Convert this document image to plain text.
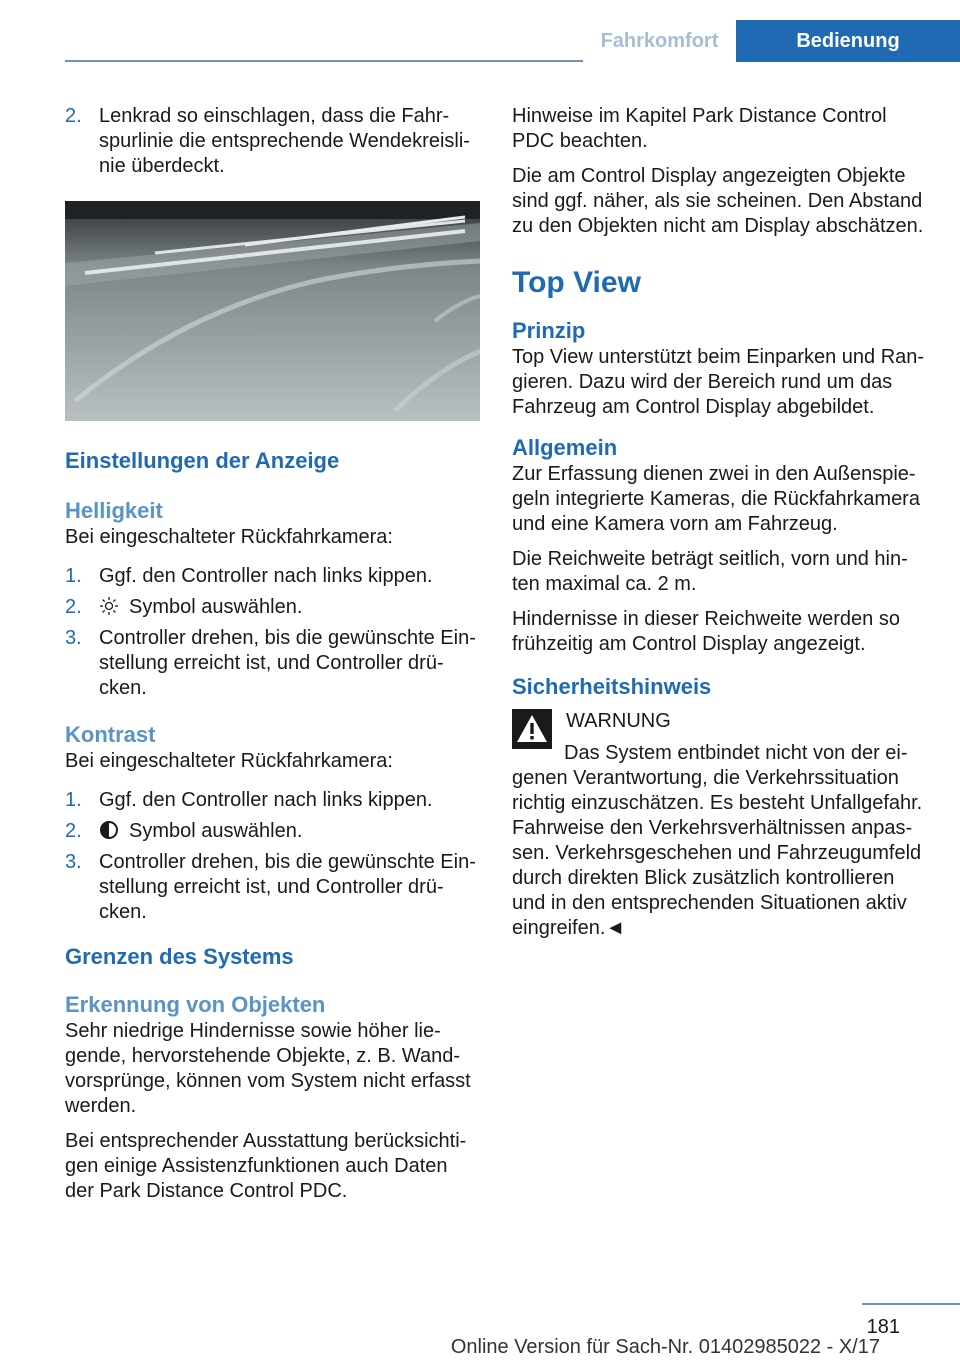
Fahrkomfort	Bedienung
2. Lenkrad so einschlagen, dass die Fahr-spurlinie die entsprechende Wendekreisli-nie überdeckt.
Einstellungen der Anzeige
Helligkeit

Bei eingeschalteter Rückfahrkamera:

1. Ggf. den Controller nach links kippen.
2.	Symbol auswählen.
3. Controller drehen, bis die gewünschte Ein-stellung erreicht ist, und Controller drü-cken.
Kontrast

Bei eingeschalteter Rückfahrkamera:

1. Ggf. den Controller nach links kippen.
2.	Symbol auswählen.
3. Controller drehen, bis die gewünschte Ein-stellung erreicht ist, und Controller drü-cken.
Grenzen des Systems
Erkennung von Objekten

Sehr niedrige Hindernisse sowie höher lie-gende, hervorstehende Objekte, z. B. Wand-vorsprünge, können vom System nicht erfasst werden.

Bei entsprechender Ausstattung berücksichti-gen einige Assistenzfunktionen auch Daten der Park Distance Control PDC.

Hinweise im Kapitel Park Distance Control PDC beachten.

Die am Control Display angezeigten Objekte sind ggf. näher, als sie scheinen. Den Abstand zu den Objekten nicht am Display abschätzen.

Top View
Prinzip

Top View unterstützt beim Einparken und Ran-gieren. Dazu wird der Bereich rund um das Fahrzeug am Control Display abgebildet.

Allgemein

Zur Erfassung dienen zwei in den Außenspie-geln integrierte Kameras, die Rückfahrkamera und eine Kamera vorn am Fahrzeug.

Die Reichweite beträgt seitlich, vorn und hin-ten maximal ca. 2 m.

Hindernisse in dieser Reichweite werden so frühzeitig am Control Display angezeigt.

Sicherheitshinweis
WARNUNG
Das System entbindet nicht von der ei-genen Verantwortung, die Verkehrssituation richtig einzuschätzen. Es besteht Unfallgefahr. Fahrweise den Verkehrsverhältnissen anpas-sen. Verkehrsgeschehen und Fahrzeugumfeld durch direkten Blick zusätzlich kontrollieren und in den entsprechenden Situationen aktiv eingreifen.◄
181
Online Version für Sach-Nr. 01402985022 - X/17
